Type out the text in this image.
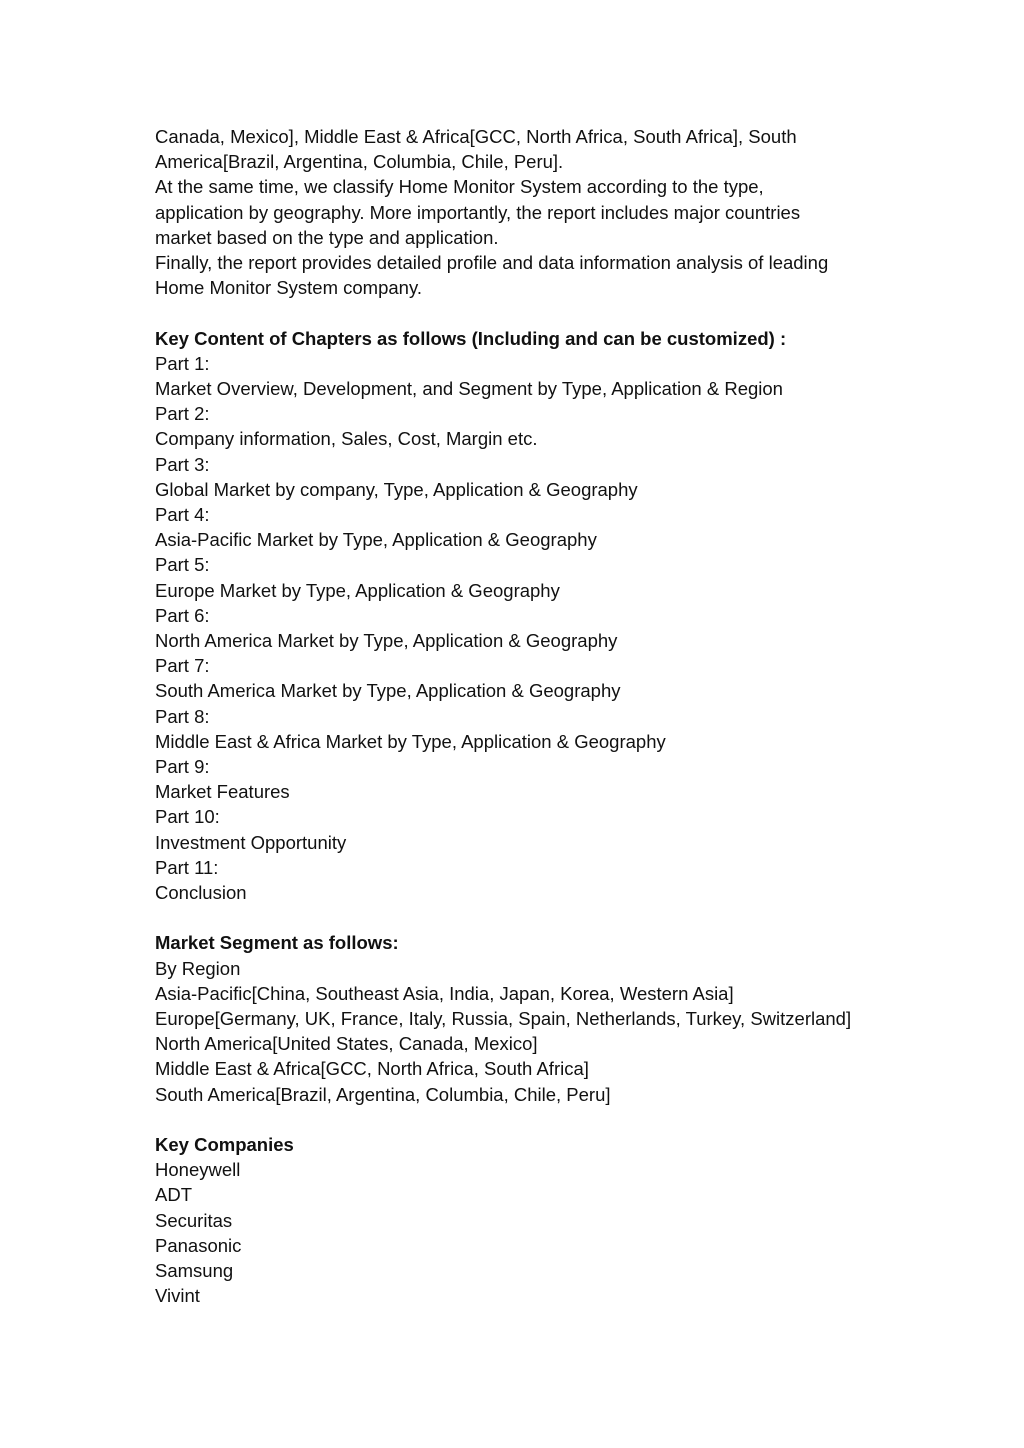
Canada, Mexico], Middle East & Africa[GCC, North Africa, South Africa], South
America[Brazil, Argentina, Columbia, Chile, Peru].
At the same time, we classify Home Monitor System according to the type,
application by geography. More importantly, the report includes major countries
market based on the type and application.
Finally, the report provides detailed profile and data information analysis of leading
Home Monitor System company.
Key Content of Chapters as follows (Including and can be customized) :
Part 1:
Market Overview, Development, and Segment by Type, Application & Region
Part 2:
Company information, Sales, Cost, Margin etc.
Part 3:
Global Market by company, Type, Application & Geography
Part 4:
Asia-Pacific Market by Type, Application & Geography
Part 5:
Europe Market by Type, Application & Geography
Part 6:
North America Market by Type, Application & Geography
Part 7:
South America Market by Type, Application & Geography
Part 8:
Middle East & Africa Market by Type, Application & Geography
Part 9:
Market Features
Part 10:
Investment Opportunity
Part 11:
Conclusion
Market Segment as follows:
By Region
Asia-Pacific[China, Southeast Asia, India, Japan, Korea, Western Asia]
Europe[Germany, UK, France, Italy, Russia, Spain, Netherlands, Turkey, Switzerland]
North America[United States, Canada, Mexico]
Middle East & Africa[GCC, North Africa, South Africa]
South America[Brazil, Argentina, Columbia, Chile, Peru]
Key Companies
Honeywell
ADT
Securitas
Panasonic
Samsung
Vivint
